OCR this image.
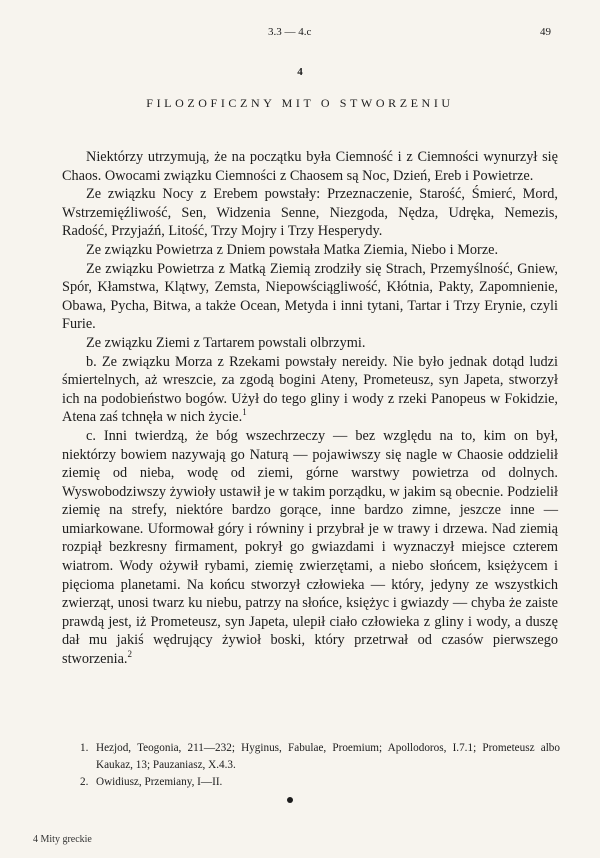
3.3 — 4.c	49
4
FILOZOFICZNY MIT O STWORZENIU

Niektórzy utrzymują, że na początku była Ciemność i z Ciemności wynurzył się Chaos. Owocami związku Ciemności z Chaosem są Noc, Dzień, Ereb i Powietrze.

Ze związku Nocy z Erebem powstały: Przeznaczenie, Starość, Śmierć, Mord, Wstrzemięźliwość, Sen, Widzenia Senne, Niezgoda, Nędza, Udręka, Nemezis, Radość, Przyjaźń, Litość, Trzy Mojry i Trzy Hesperydy.

Ze związku Powietrza z Dniem powstała Matka Ziemia, Niebo i Morze.

Ze związku Powietrza z Matką Ziemią zrodziły się Strach, Przemyślność, Gniew, Spór, Kłamstwa, Klątwy, Zemsta, Niepowściągliwość, Kłótnia, Pakty, Zapomnienie, Obawa, Pycha, Bitwa, a także Ocean, Metyda i inni tytani, Tartar i Trzy Erynie, czyli Furie.

Ze związku Ziemi z Tartarem powstali olbrzymi.

b. Ze związku Morza z Rzekami powstały nereidy. Nie było jednak dotąd ludzi śmiertelnych, aż wreszcie, za zgodą bogini Ateny, Prometeusz, syn Japeta, stworzył ich na podobieństwo bogów. Użył do tego gliny i wody z rzeki Panopeus w Fokidzie, Atena zaś tchnęła w nich życie.$^1$

c. Inni twierdzą, że bóg wszechrzeczy — bez względu na to, kim on był, niektórzy bowiem nazywają go Naturą — pojawiwszy się nagle w Chaosie oddzielił ziemię od nieba, wodę od ziemi, górne warstwy powietrza od dolnych. Wyswobodziwszy żywioły ustawił je w takim porządku, w jakim są obecnie. Podzielił ziemię na strefy, niektóre bardzo gorące, inne bardzo zimne, jeszcze inne — umiarkowane. Uformował góry i równiny i przybrał je w trawy i drzewa. Nad ziemią rozpiął bezkresny firmament, pokrył go gwiazdami i wyznaczył miejsce czterem wiatrom. Wody ożywił rybami, ziemię zwierzętami, a niebo słońcem, księżycem i pięcioma planetami. Na końcu stworzył człowieka — który, jedyny ze wszystkich zwierząt, unosi twarz ku niebu, patrzy na słońce, księżyc i gwiazdy — chyba że zaiste prawdą jest, iż Prometeusz, syn Japeta, ulepił ciało człowieka z gliny i wody, a duszę dał mu jakiś wędrujący żywioł boski, który przetrwał od czasów pierwszego stworzenia.$^2$

1. Hezjod, Teogonia, 211—232; Hyginus, Fabulae, Proemium; Apollodoros, I.7.1; Prometeusz albo Kaukaz, 13; Pauzaniasz, X.4.3.

2. Owidiusz, Przemiany, I—II.

4 Mity greckie
